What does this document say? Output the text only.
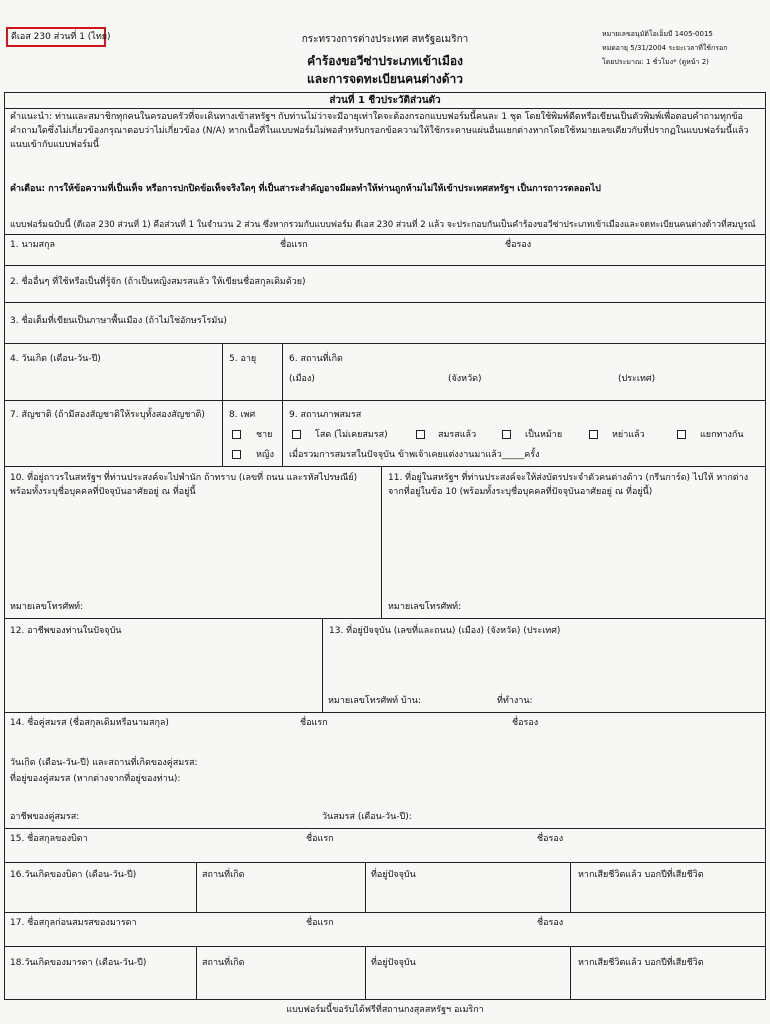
ดีเอส 230 ส่วนที่ 1 (ไทย)	กระทรวงการต่างประเทศ สหรัฐอเมริกา
คำร้องขอวีซ่าประเภทเข้าเมือง
และการจดทะเบียนคนต่างด้าว
หมายเลขอนุมัติโอเอ็มบี 1405-0015
หมดอายุ 5/31/2004 ระยะเวลาที่ใช้กรอก
โดยประมาณ: 1 ชั่วโมง* (ดูหน้า 2)
ส่วนที่ 1 ชีวประวัติส่วนตัว
คำแนะนำ: ท่านและสมาชิกทุกคนในครอบครัวที่จะเดินทางเข้าสหรัฐฯ กับท่านไม่ว่าจะมีอายุเท่าใดจะต้องกรอกแบบฟอร์มนี้คนละ 1 ชุด โดยใช้พิมพ์ดีดหรือเขียนเป็นตัวพิมพ์เพื่อตอบคำถามทุกข้อ คำถามใดซึ่งไม่เกี่ยวข้องกรุณาตอบว่าไม่เกี่ยวข้อง (N/A) หากเนื้อที่ในแบบฟอร์มไม่พอสำหรับกรอกข้อความให้ใช้กระดาษแผ่นอื่นแยกต่างหากโดยใช้หมายเลขเดียวกับที่ปรากฏในแบบฟอร์มนี้แล้วแนบเข้ากับแบบฟอร์มนี้
คำเตือน: การให้ข้อความที่เป็นเท็จ หรือการปกปิดข้อเท็จจริงใดๆ ที่เป็นสาระสำคัญอาจมีผลทำให้ท่านถูกห้ามไม่ให้เข้าประเทศสหรัฐฯ เป็นการถาวรตลอดไป
แบบฟอร์มฉบับนี้ (ดีเอส 230 ส่วนที่ 1) คือส่วนที่ 1 ในจำนวน 2 ส่วน ซึ่งหากรวมกับแบบฟอร์ม ดีเอส 230 ส่วนที่ 2 แล้ว จะประกอบกันเป็นคำร้องขอวีซ่าประเภทเข้าเมืองและจดทะเบียนคนต่างด้าวที่สมบูรณ์
1. นามสกุล	ชื่อแรก	ชื่อรอง
2. ชื่ออื่นๆ ที่ใช้หรือเป็นที่รู้จัก (ถ้าเป็นหญิงสมรสแล้ว ให้เขียนชื่อสกุลเดิมด้วย)
3. ชื่อเต็มที่เขียนเป็นภาษาพื้นเมือง (ถ้าไม่ใช่อักษรโรมัน)
4. วันเกิด (เดือน-วัน-ปี)	5. อายุ	6. สถานที่เกิด
(เมือง)	(จังหวัด)	(ประเทศ)
7. สัญชาติ (ถ้ามีสองสัญชาติให้ระบุทั้งสองสัญชาติ)	8. เพศ
ชาย
หญิง
9. สถานภาพสมรส
โสด (ไม่เคยสมรส)	สมรสแล้ว	เป็นหม้าย	หย่าแล้ว	แยกทางกัน
เมื่อรวมการสมรสในปัจจุบัน ข้าพเจ้าเคยแต่งงานมาแล้ว_____ครั้ง
10. ที่อยู่ถาวรในสหรัฐฯ ที่ท่านประสงค์จะไปพำนัก ถ้าทราบ (เลขที่ ถนน และรหัสไปรษณีย์) พร้อมทั้งระบุชื่อบุคคลที่ปัจจุบันอาศัยอยู่ ณ ที่อยู่นี้
11. ที่อยู่ในสหรัฐฯ ที่ท่านประสงค์จะให้ส่งบัตรประจำตัวคนต่างด้าว (กรีนการ์ด) ไปให้ หากต่างจากที่อยู่ในข้อ 10 (พร้อมทั้งระบุชื่อบุคคลที่ปัจจุบันอาศัยอยู่ ณ ที่อยู่นี้)
หมายเลขโทรศัพท์:	หมายเลขโทรศัพท์:
12. อาชีพของท่านในปัจจุบัน	13. ที่อยู่ปัจจุบัน (เลขที่และถนน) (เมือง) (จังหวัด) (ประเทศ)
หมายเลขโทรศัพท์ บ้าน:	ที่ทำงาน:
14. ชื่อคู่สมรส (ชื่อสกุลเดิมหรือนามสกุล)	ชื่อแรก	ชื่อรอง
วันเกิด (เดือน-วัน-ปี) และสถานที่เกิดของคู่สมรส:
ที่อยู่ของคู่สมรส (หากต่างจากที่อยู่ของท่าน):
อาชีพของคู่สมรส:	วันสมรส (เดือน-วัน-ปี):
15. ชื่อสกุลของบิดา	ชื่อแรก	ชื่อรอง
16.วันเกิดของบิดา (เดือน-วัน-ปี)	สถานที่เกิด	ที่อยู่ปัจจุบัน	หากเสียชีวิตแล้ว บอกปีที่เสียชีวิต
17. ชื่อสกุลก่อนสมรสของมารดา	ชื่อแรก	ชื่อรอง
18.วันเกิดของมารดา (เดือน-วัน-ปี)	สถานที่เกิด	ที่อยู่ปัจจุบัน	หากเสียชีวิตแล้ว บอกปีที่เสียชีวิต
แบบฟอร์มนี้ขอรับได้ฟรีที่สถานกงสุลสหรัฐฯ อเมริกา
